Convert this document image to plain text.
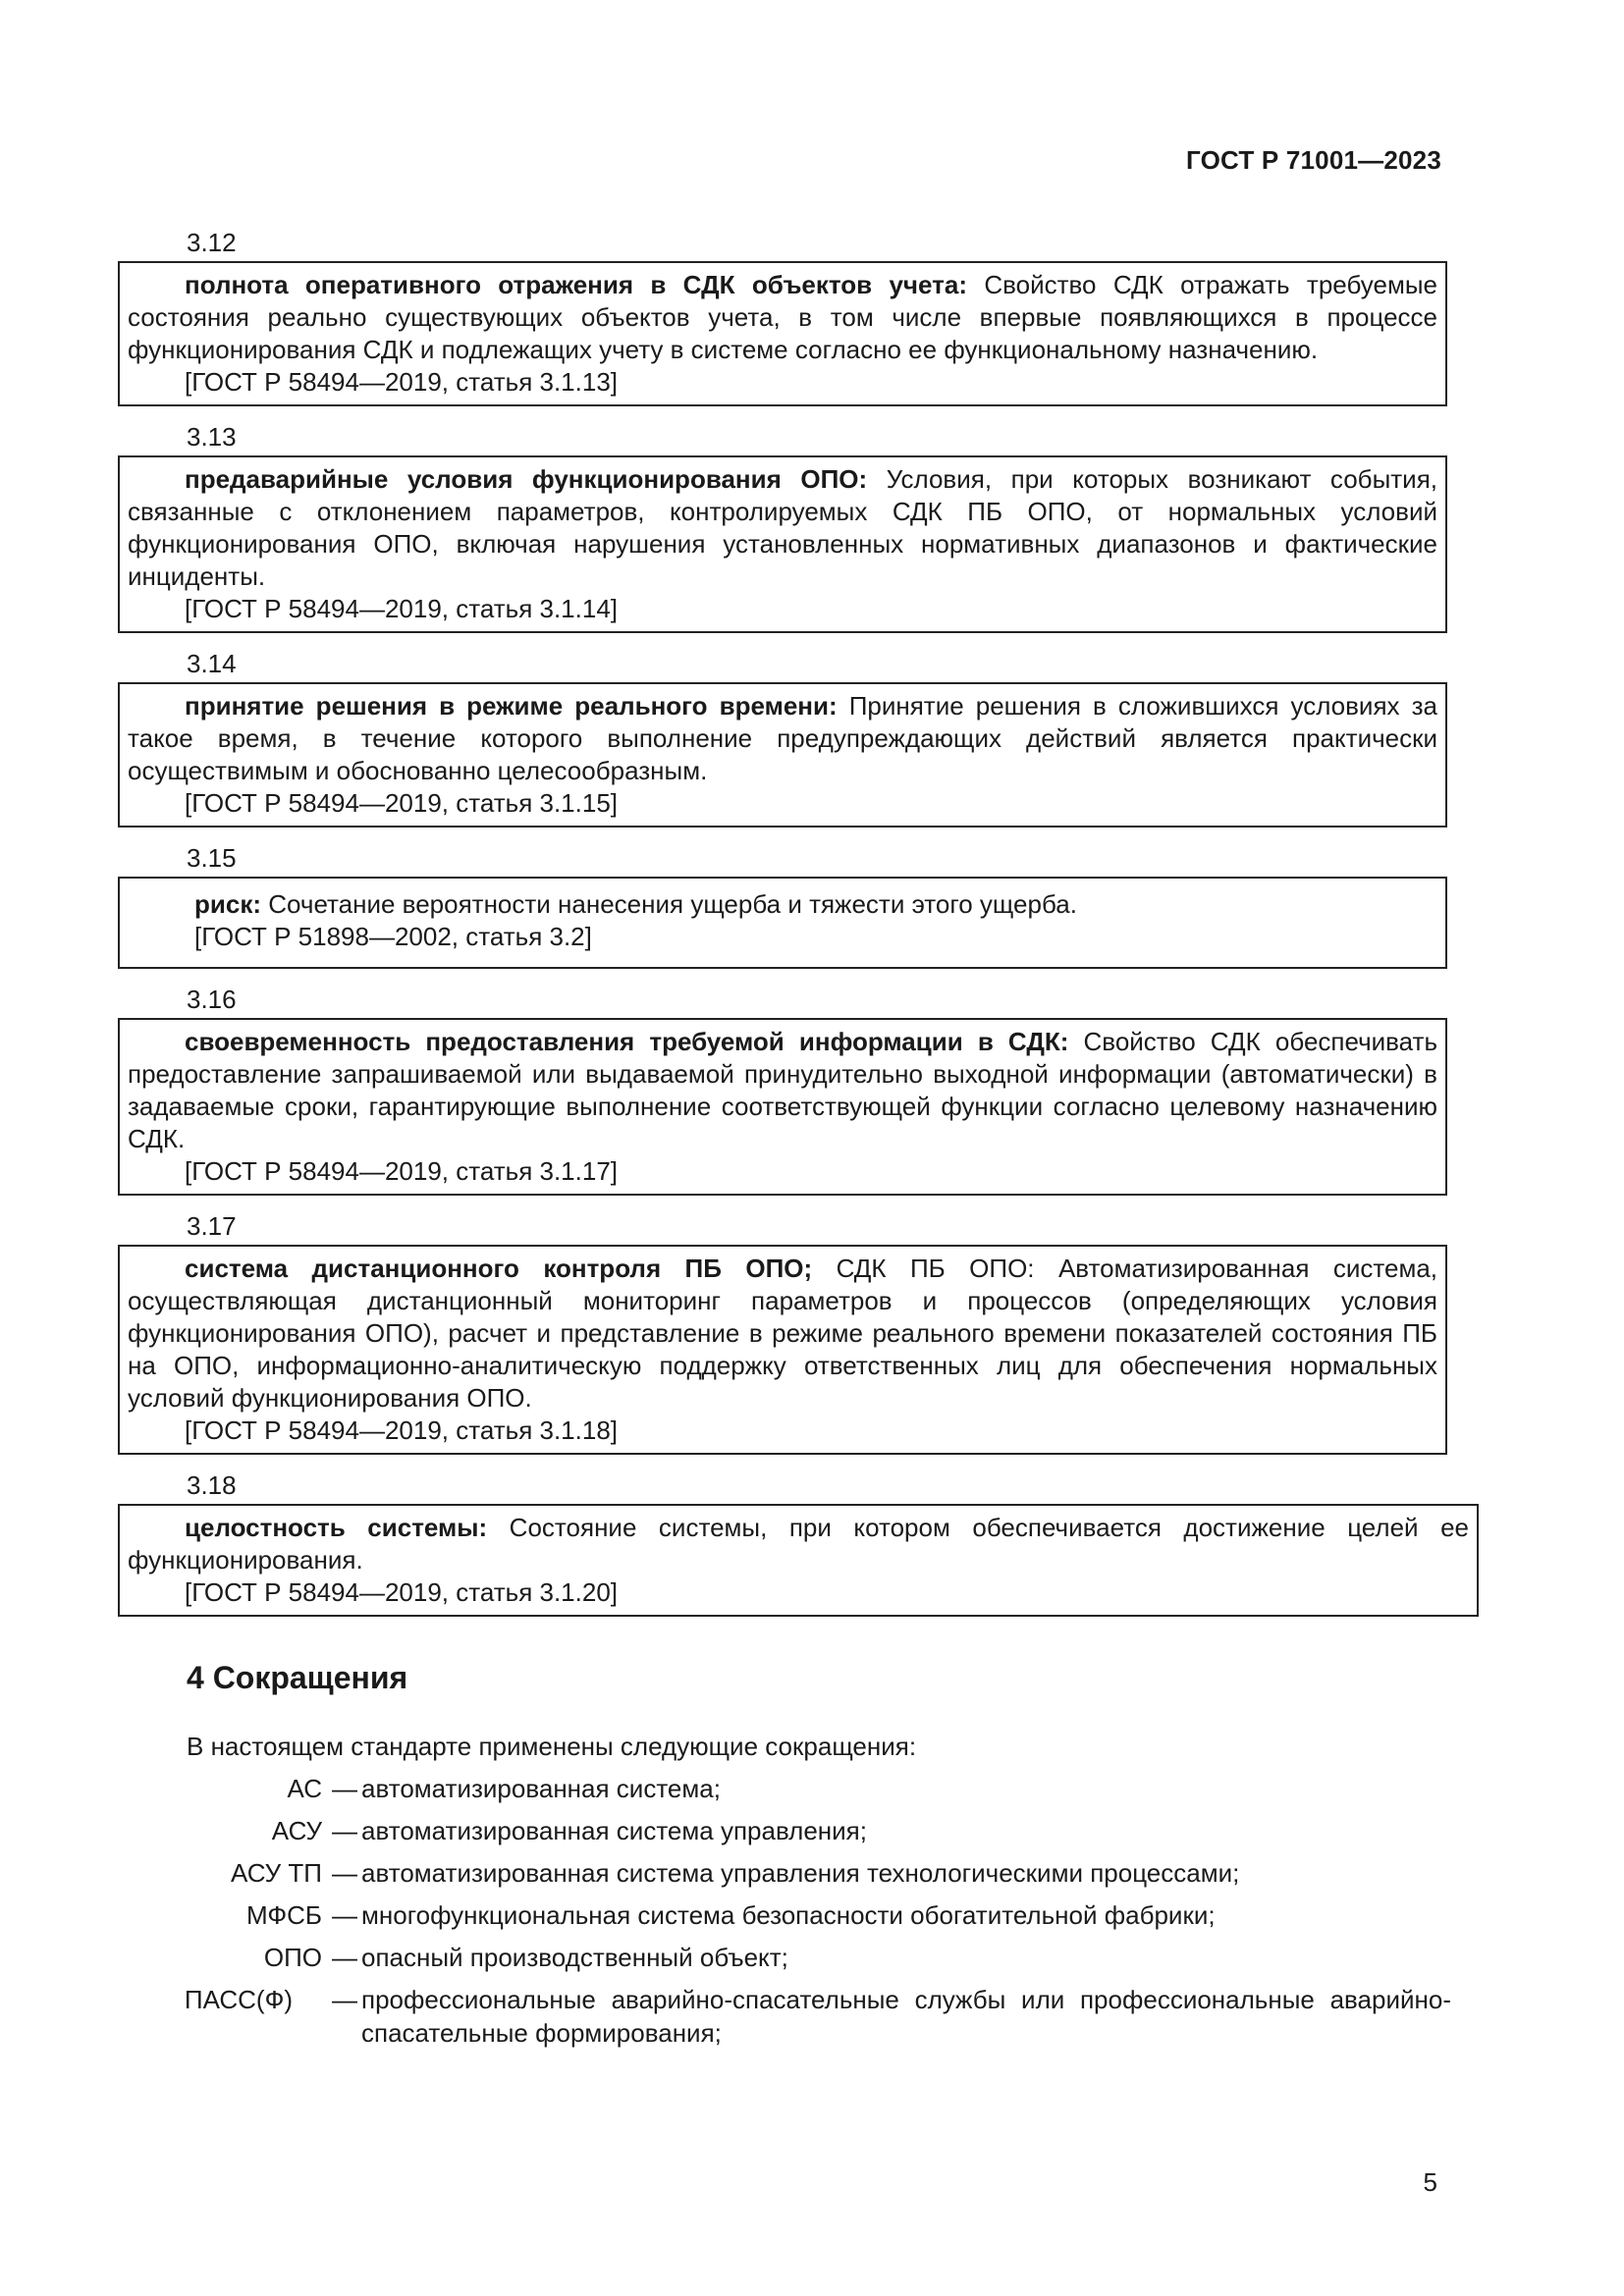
ГОСТ Р 71001—2023
3.12
полнота оперативного отражения в СДК объектов учета: Свойство СДК отражать требуемые состояния реально существующих объектов учета, в том числе впервые появляющихся в процессе функционирования СДК и подлежащих учету в системе согласно ее функциональному назначению.
[ГОСТ Р 58494—2019, статья 3.1.13]
3.13
предаварийные условия функционирования ОПО: Условия, при которых возникают события, связанные с отклонением параметров, контролируемых СДК ПБ ОПО, от нормальных условий функционирования ОПО, включая нарушения установленных нормативных диапазонов и фактические инциденты.
[ГОСТ Р 58494—2019, статья 3.1.14]
3.14
принятие решения в режиме реального времени: Принятие решения в сложившихся условиях за такое время, в течение которого выполнение предупреждающих действий является практически осуществимым и обоснованно целесообразным.
[ГОСТ Р 58494—2019, статья 3.1.15]
3.15
риск: Сочетание вероятности нанесения ущерба и тяжести этого ущерба.
[ГОСТ Р 51898—2002, статья 3.2]
3.16
своевременность предоставления требуемой информации в СДК: Свойство СДК обеспечивать предоставление запрашиваемой или выдаваемой принудительно выходной информации (автоматически) в задаваемые сроки, гарантирующие выполнение соответствующей функции согласно целевому назначению СДК.
[ГОСТ Р 58494—2019, статья 3.1.17]
3.17
система дистанционного контроля ПБ ОПО; СДК ПБ ОПО: Автоматизированная система, осуществляющая дистанционный мониторинг параметров и процессов (определяющих условия функционирования ОПО), расчет и представление в режиме реального времени показателей состояния ПБ на ОПО, информационно-аналитическую поддержку ответственных лиц для обеспечения нормальных условий функционирования ОПО.
[ГОСТ Р 58494—2019, статья 3.1.18]
3.18
целостность системы: Состояние системы, при котором обеспечивается достижение целей ее функционирования.
[ГОСТ Р 58494—2019, статья 3.1.20]
4 Сокращения
В настоящем стандарте применены следующие сокращения:
АС — автоматизированная система;
АСУ — автоматизированная система управления;
АСУ ТП — автоматизированная система управления технологическими процессами;
МФСБ — многофункциональная система безопасности обогатительной фабрики;
ОПО — опасный производственный объект;
ПАСС(Ф)	— профессиональные аварийно-спасательные службы или профессиональные аварийно-спасательные формирования;
5
